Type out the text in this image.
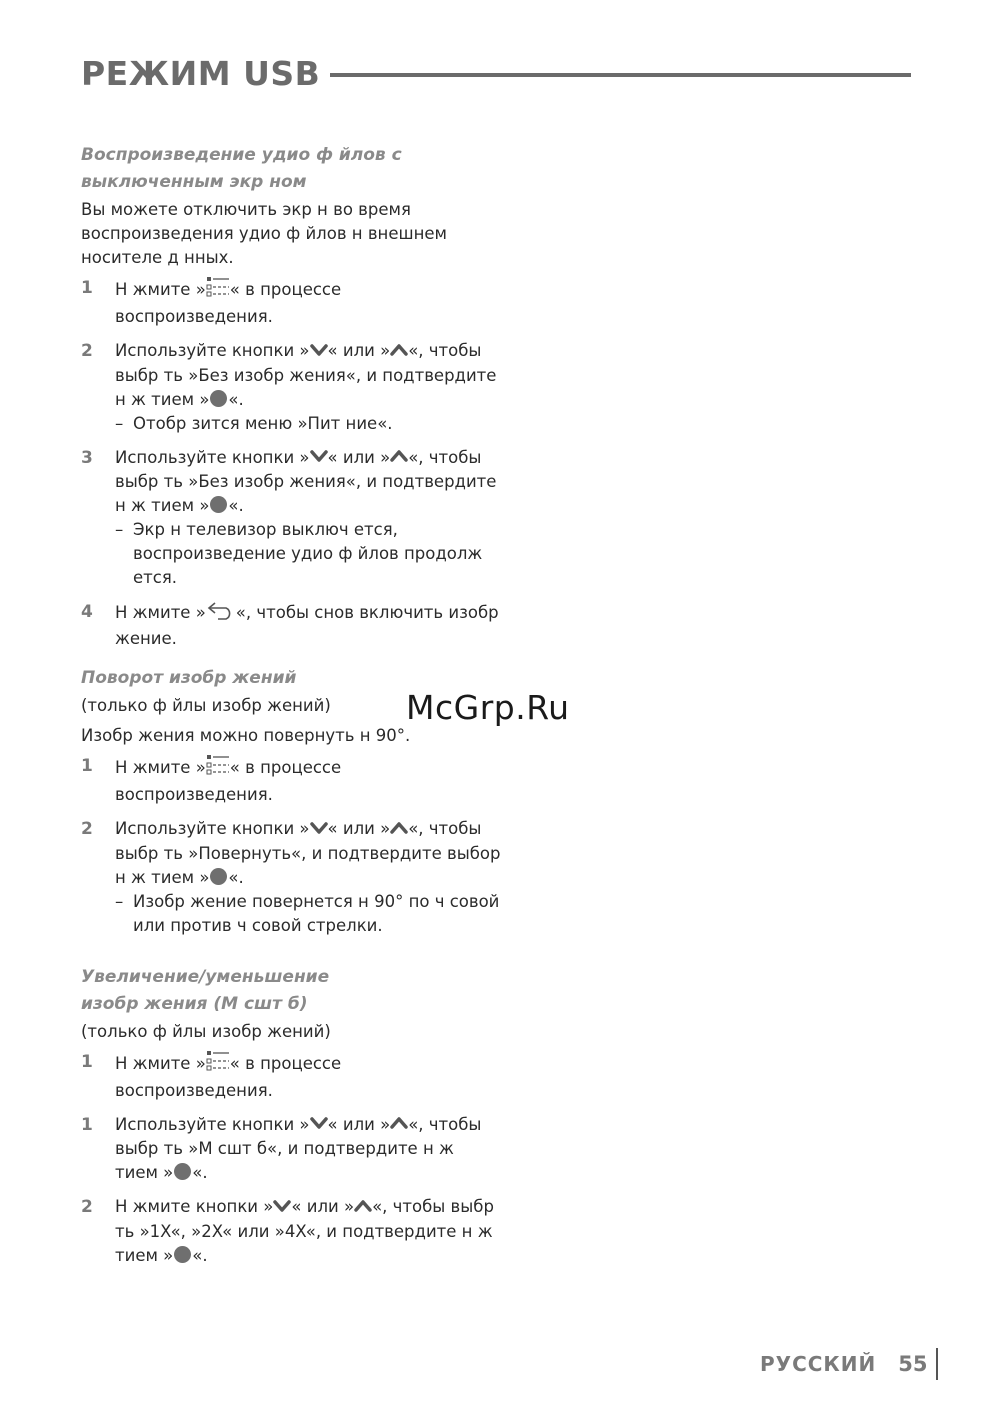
РЕЖИМ USB

Воспроизведение удио ф йлов с
выключенным экр ном

Вы можете отключить экр н во время воспроизведения удио ф йлов н внешнем носителе д нных.

1 Н жмите » « в процессе воспроизведения.
2 Используйте кнопки » « или » «, чтобы выбр ть »Без изобр жения«, и подтвердите н ж тием » «.
– Отобр зится меню »Пит ние«.
3 Используйте кнопки » « или » «, чтобы выбр ть »Без изобр жения«, и подтвердите н ж тием » «.
– Экр н телевизор выключ ется, воспроизведение удио ф йлов продолж ется.
4 Н жмите » «, чтобы снов включить изобр жение.

Поворот изобр жений

(только ф йлы изобр жений)

Изобр жения можно повернуть н 90°.

1 Н жмите » « в процессе воспроизведения.
2 Используйте кнопки » « или » «, чтобы выбр ть »Повернуть«, и подтвердите выбор н ж тием » «.
– Изобр жение повернется н 90° по ч совой или против ч совой стрелки.

Увеличение/уменьшение
изобр жения (М сшт б)

(только ф йлы изобр жений)

1 Н жмите » « в процессе воспроизведения.
1 Используйте кнопки » « или » «, чтобы выбр ть »М сшт б«, и подтвердите н ж тием » «.
2 Н жмите кнопки » « или » «, чтобы выбр ть »1X«, »2X« или »4X«, и подтвердите н ж тием » «.
McGrp.Ru
РУССКИЙ 55
